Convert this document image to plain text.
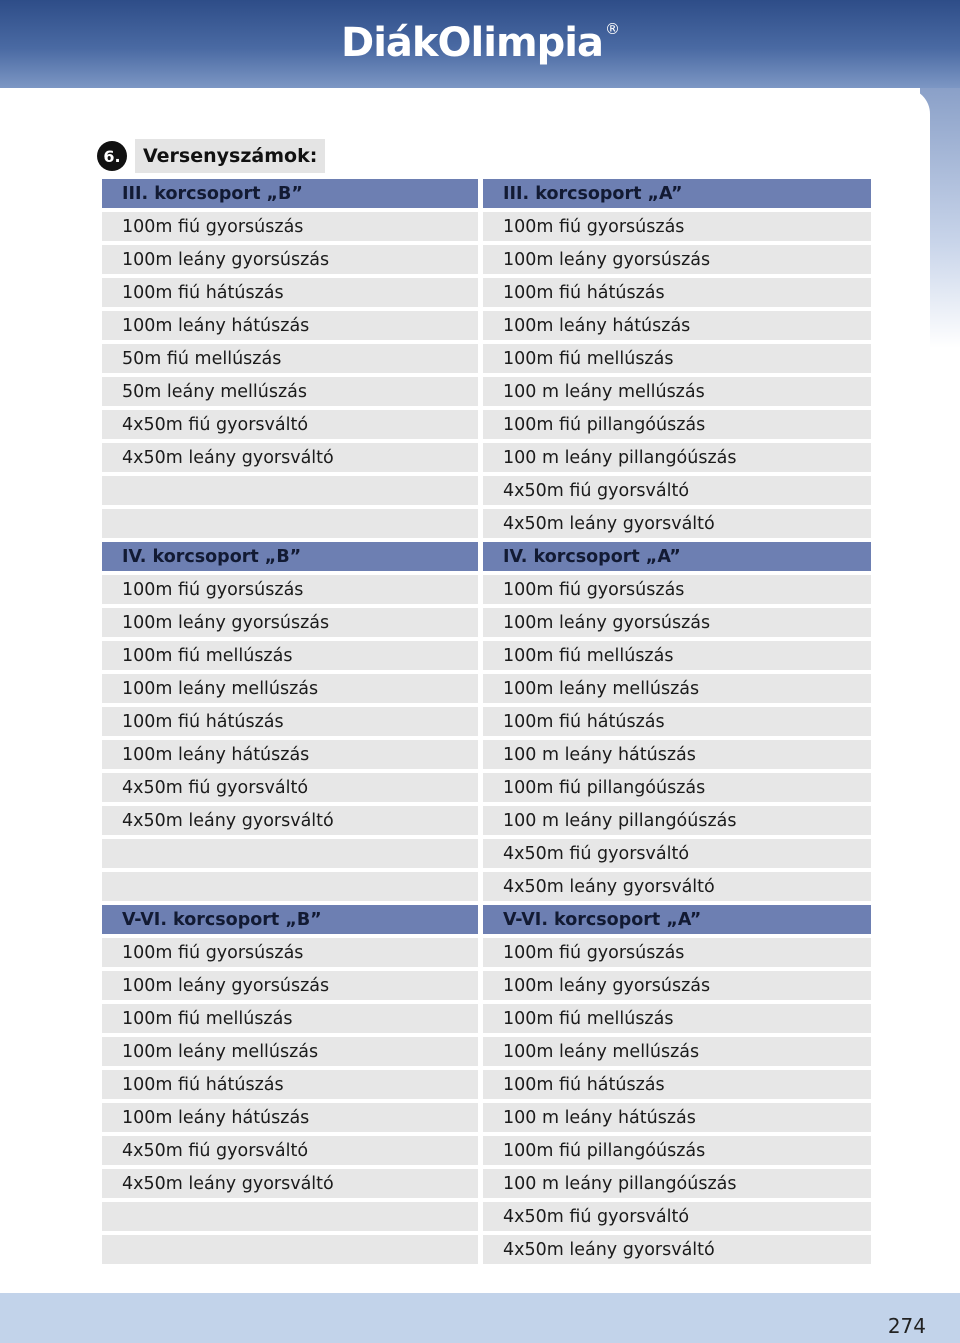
DiákOlimpia ®
6.	Versenyszámok:
III. korcsoport „B”
100m fiú gyorsúszás
100m leány gyorsúszás
100m fiú hátúszás
100m leány hátúszás
50m fiú mellúszás
50m leány mellúszás
4x50m fiú gyorsváltó
4x50m leány gyorsváltó
IV. korcsoport „B”
100m fiú gyorsúszás
100m leány gyorsúszás
100m fiú mellúszás
100m leány mellúszás
100m fiú hátúszás
100m leány hátúszás
4x50m fiú gyorsváltó
4x50m leány gyorsváltó
V-VI. korcsoport „B”
100m fiú gyorsúszás
100m leány gyorsúszás
100m fiú mellúszás
100m leány mellúszás
100m fiú hátúszás
100m leány hátúszás
4x50m fiú gyorsváltó
4x50m leány gyorsváltó
III. korcsoport „A”
100m fiú gyorsúszás
100m leány gyorsúszás
100m fiú hátúszás
100m leány hátúszás
100m fiú mellúszás
100 m leány mellúszás
100m fiú pillangóúszás
100 m leány pillangóúszás
4x50m fiú gyorsváltó
4x50m leány gyorsváltó
IV. korcsoport „A”
100m fiú gyorsúszás
100m leány gyorsúszás
100m fiú mellúszás
100m leány mellúszás
100m fiú hátúszás
100 m leány hátúszás
100m fiú pillangóúszás
100 m leány pillangóúszás
4x50m fiú gyorsváltó
4x50m leány gyorsváltó
V-VI. korcsoport „A”
100m fiú gyorsúszás
100m leány gyorsúszás
100m fiú mellúszás
100m leány mellúszás
100m fiú hátúszás
100 m leány hátúszás
100m fiú pillangóúszás
100 m leány pillangóúszás
4x50m fiú gyorsváltó
4x50m leány gyorsváltó
274
